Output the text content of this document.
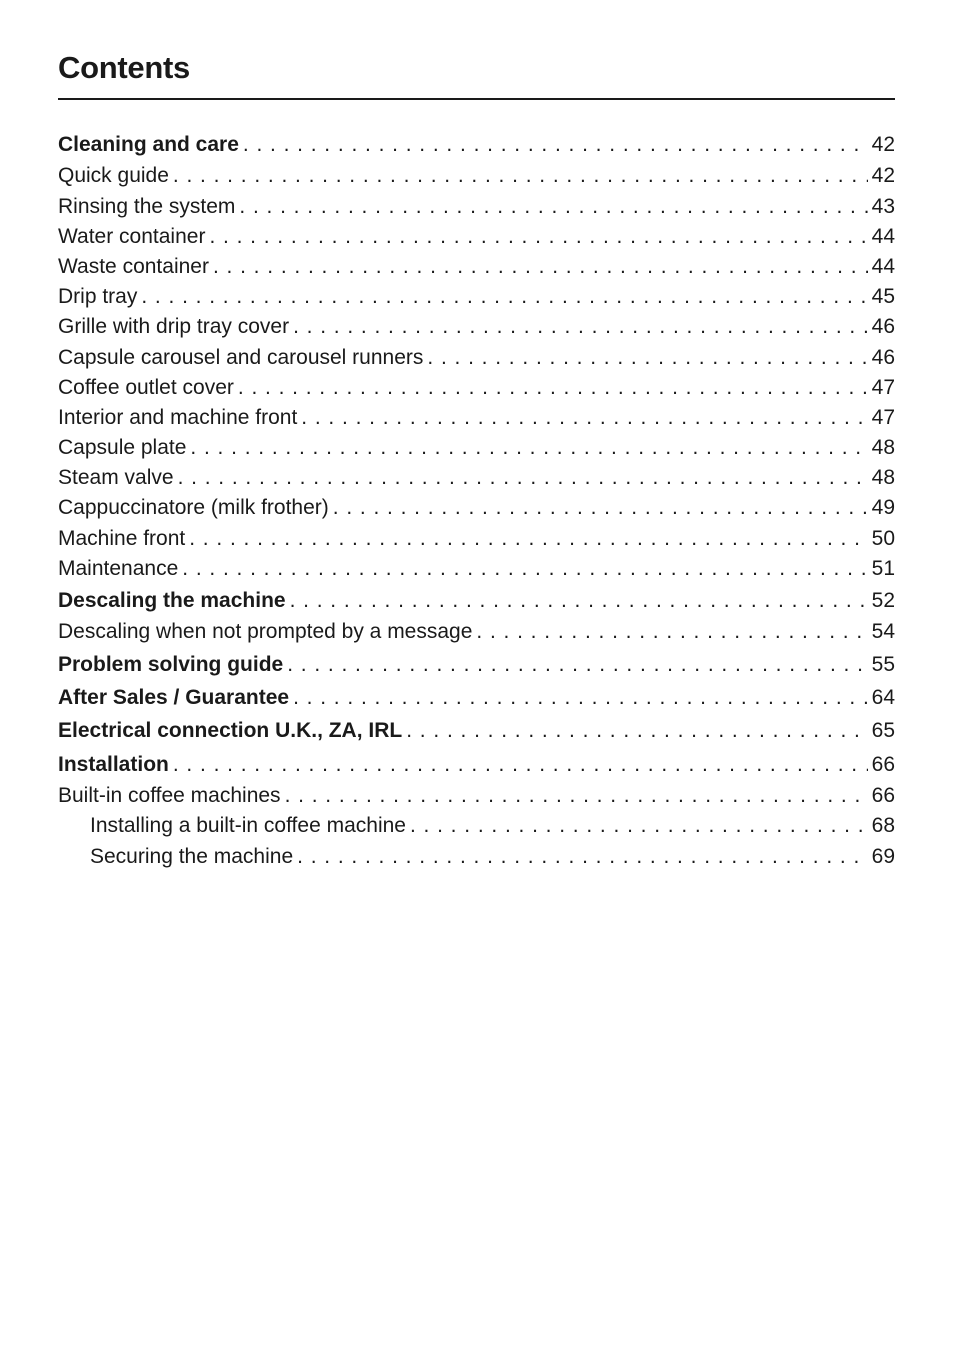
Contents
Cleaning and care . . .	42
Quick guide . . .	42
Rinsing the system . . .	43
Water container . . .	44
Waste container . . .	44
Drip tray . . .	45
Grille with drip tray cover . . .	46
Capsule carousel and carousel runners . . .	46
Coffee outlet cover . . .	47
Interior and machine front . . .	47
Capsule plate . . .	48
Steam valve . . .	48
Cappuccinatore (milk frother) . . .	49
Machine front . . .	50
Maintenance . . .	51
Descaling the machine . . .	52
Descaling when not prompted by a message . . .	54
Problem solving guide . . .	55
After Sales / Guarantee . . .	64
Electrical connection U.K., ZA, IRL . . .	65
Installation . . .	66
Built-in coffee machines . . .	66
Installing a built-in coffee machine . . .	68
Securing the machine . . .	69
